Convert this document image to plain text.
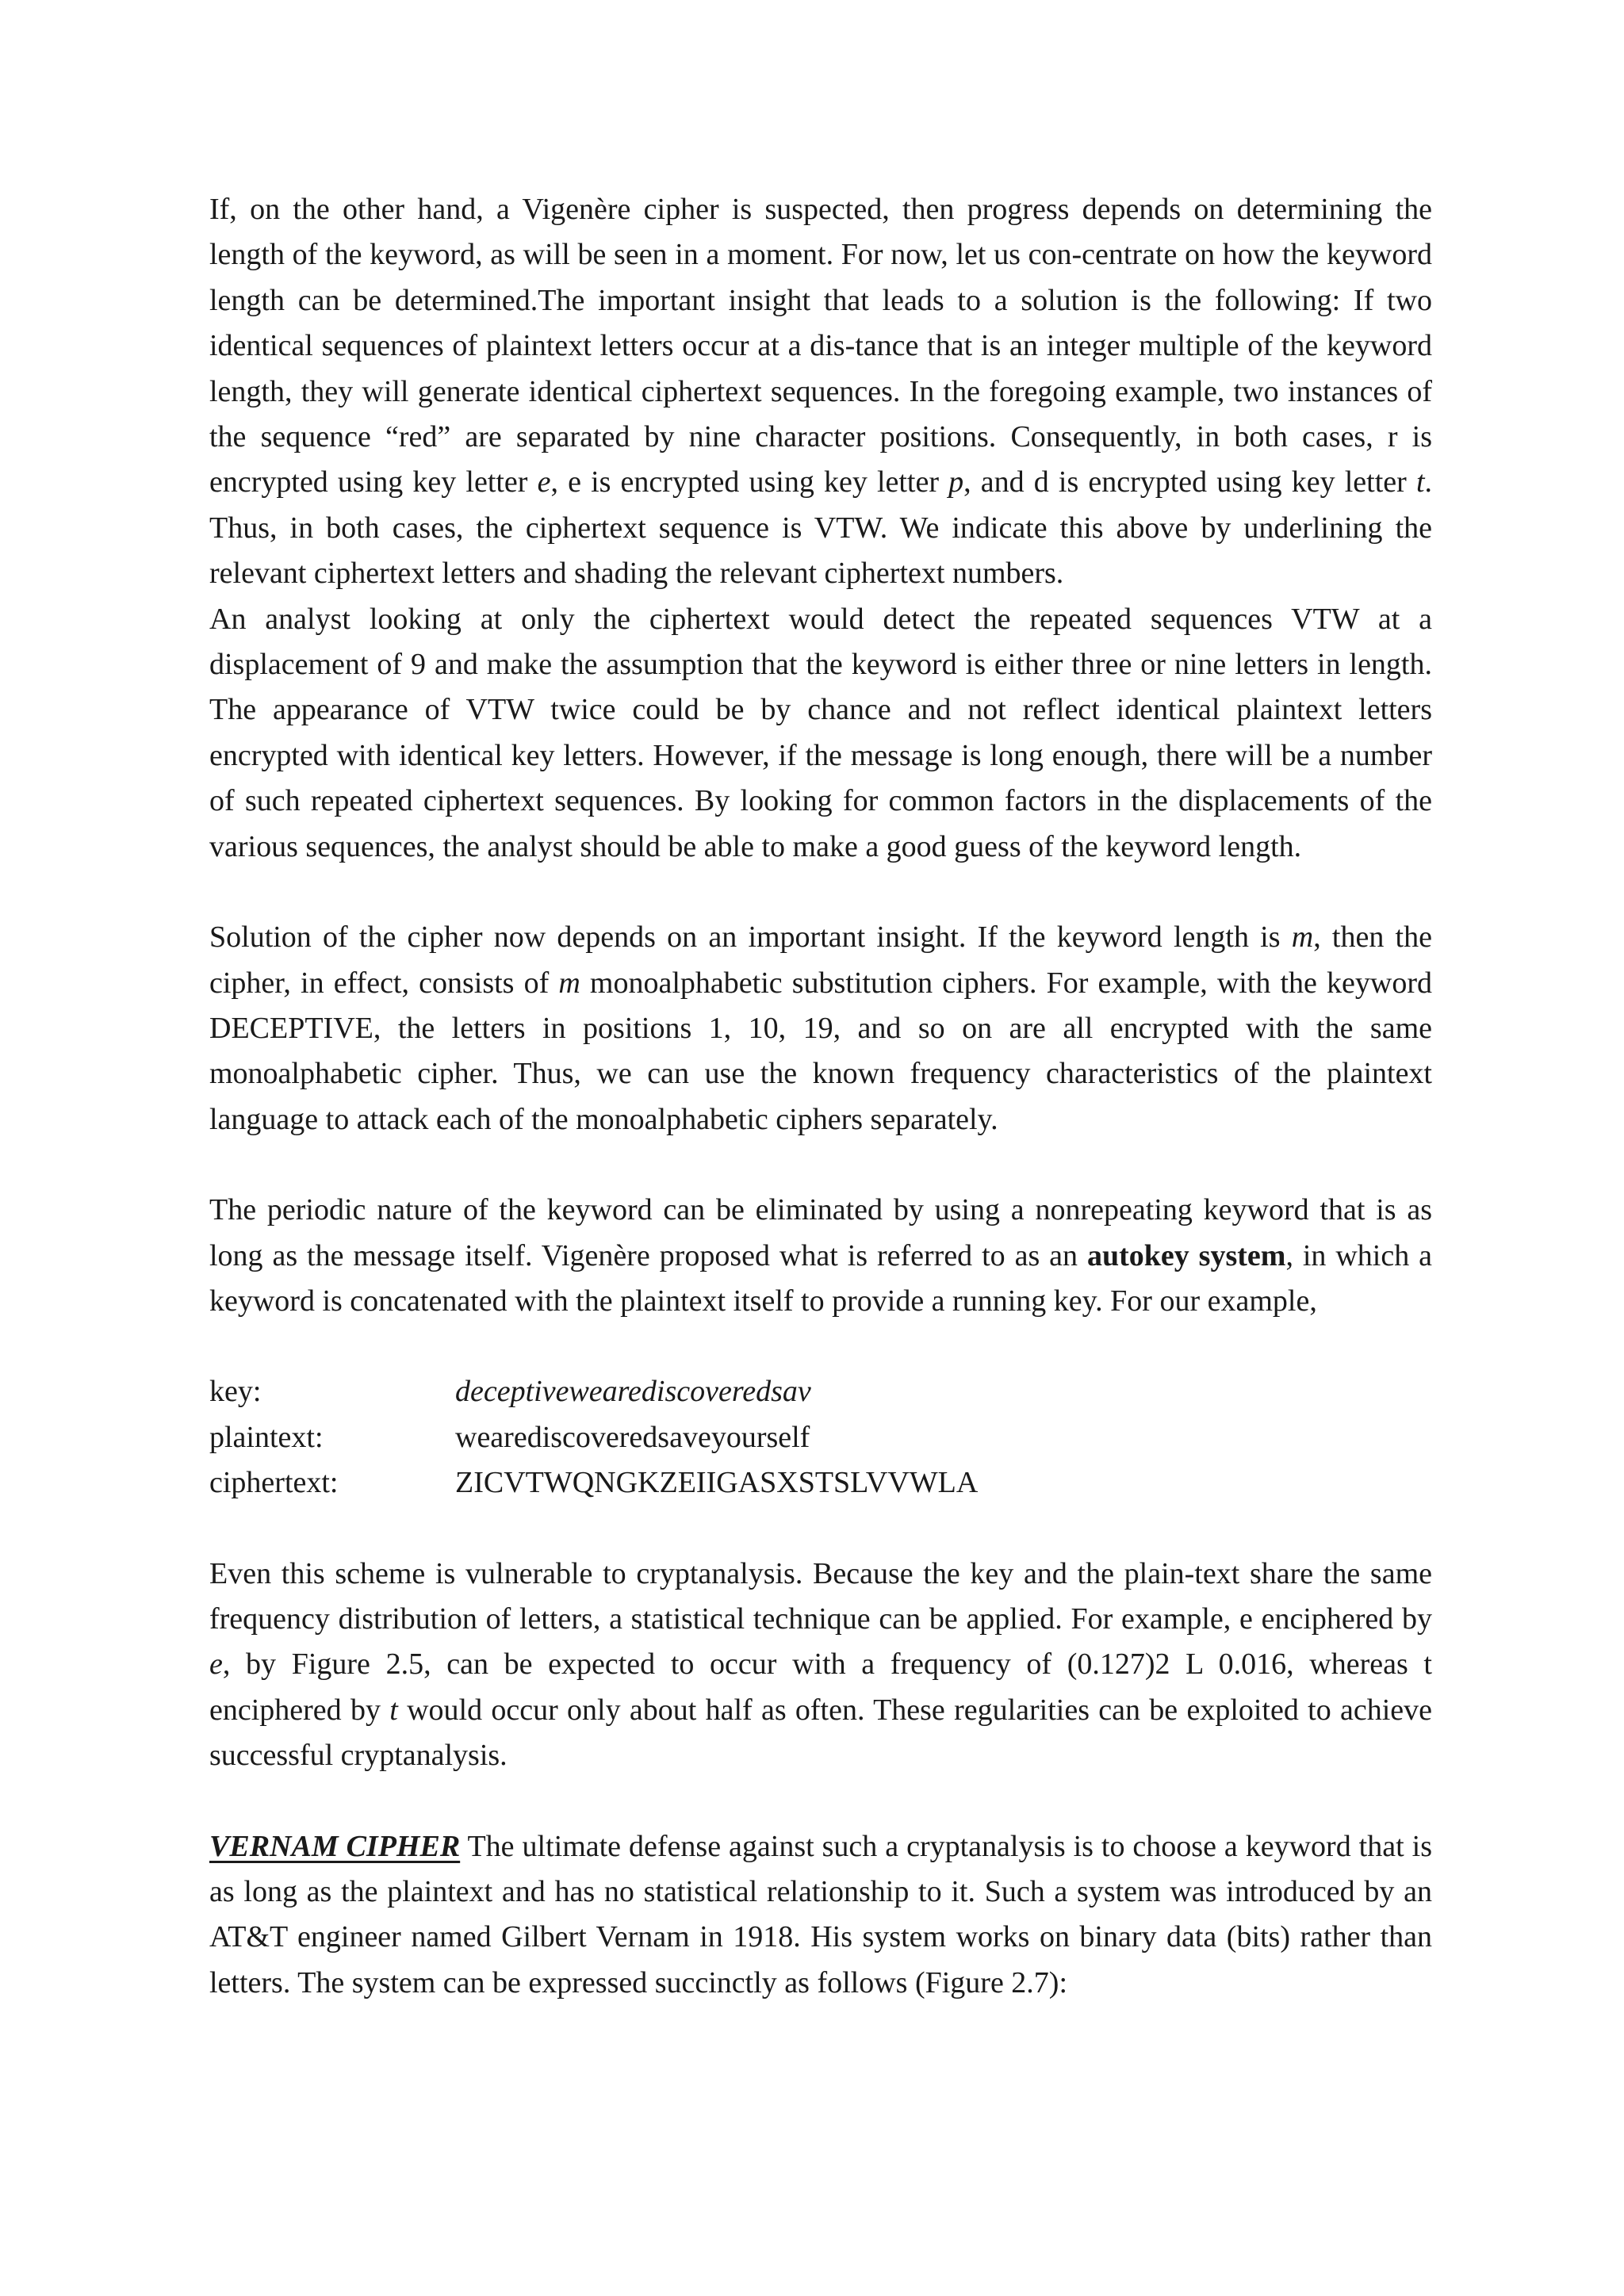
If, on the other hand, a Vigenère cipher is suspected, then progress depends on determining the length of the keyword, as will be seen in a moment. For now, let us con-centrate on how the keyword length can be determined.The important insight that leads to a solution is the following: If two identical sequences of plaintext letters occur at a dis-tance that is an integer multiple of the keyword length, they will generate identical ciphertext sequences. In the foregoing example, two instances of the sequence “red” are separated by nine character positions. Consequently, in both cases, r is encrypted using key letter e, e is encrypted using key letter p, and d is encrypted using key letter t. Thus, in both cases, the ciphertext sequence is VTW. We indicate this above by underlining the relevant ciphertext letters and shading the relevant ciphertext numbers.

An analyst looking at only the ciphertext would detect the repeated sequences VTW at a displacement of 9 and make the assumption that the keyword is either three or nine letters in length. The appearance of VTW twice could be by chance and not reflect identical plaintext letters encrypted with identical key letters. However, if the message is long enough, there will be a number of such repeated ciphertext sequences. By looking for common factors in the displacements of the various sequences, the analyst should be able to make a good guess of the keyword length.

Solution of the cipher now depends on an important insight. If the keyword length is m, then the cipher, in effect, consists of m monoalphabetic substitution ciphers. For example, with the keyword DECEPTIVE, the letters in positions 1, 10, 19, and so on are all encrypted with the same monoalphabetic cipher. Thus, we can use the known frequency characteristics of the plaintext language to attack each of the monoalphabetic ciphers separately.

The periodic nature of the keyword can be eliminated by using a nonrepeating keyword that is as long as the message itself. Vigenère proposed what is referred to as an autokey system, in which a keyword is concatenated with the plaintext itself to provide a running key. For our example,

key:	deceptivewearediscoveredsav
plaintext:	wearediscoveredsaveyourself
ciphertext:	ZICVTWQNGKZEIIGASXSTSLVVWLA

Even this scheme is vulnerable to cryptanalysis. Because the key and the plain-text share the same frequency distribution of letters, a statistical technique can be applied. For example, e enciphered by e, by Figure 2.5, can be expected to occur with a frequency of (0.127)2 L 0.016, whereas t enciphered by t would occur only about half as often. These regularities can be exploited to achieve successful cryptanalysis.

VERNAM CIPHER The ultimate defense against such a cryptanalysis is to choose a keyword that is as long as the plaintext and has no statistical relationship to it. Such a system was introduced by an AT&T engineer named Gilbert Vernam in 1918. His system works on binary data (bits) rather than letters. The system can be expressed succinctly as follows (Figure 2.7):
